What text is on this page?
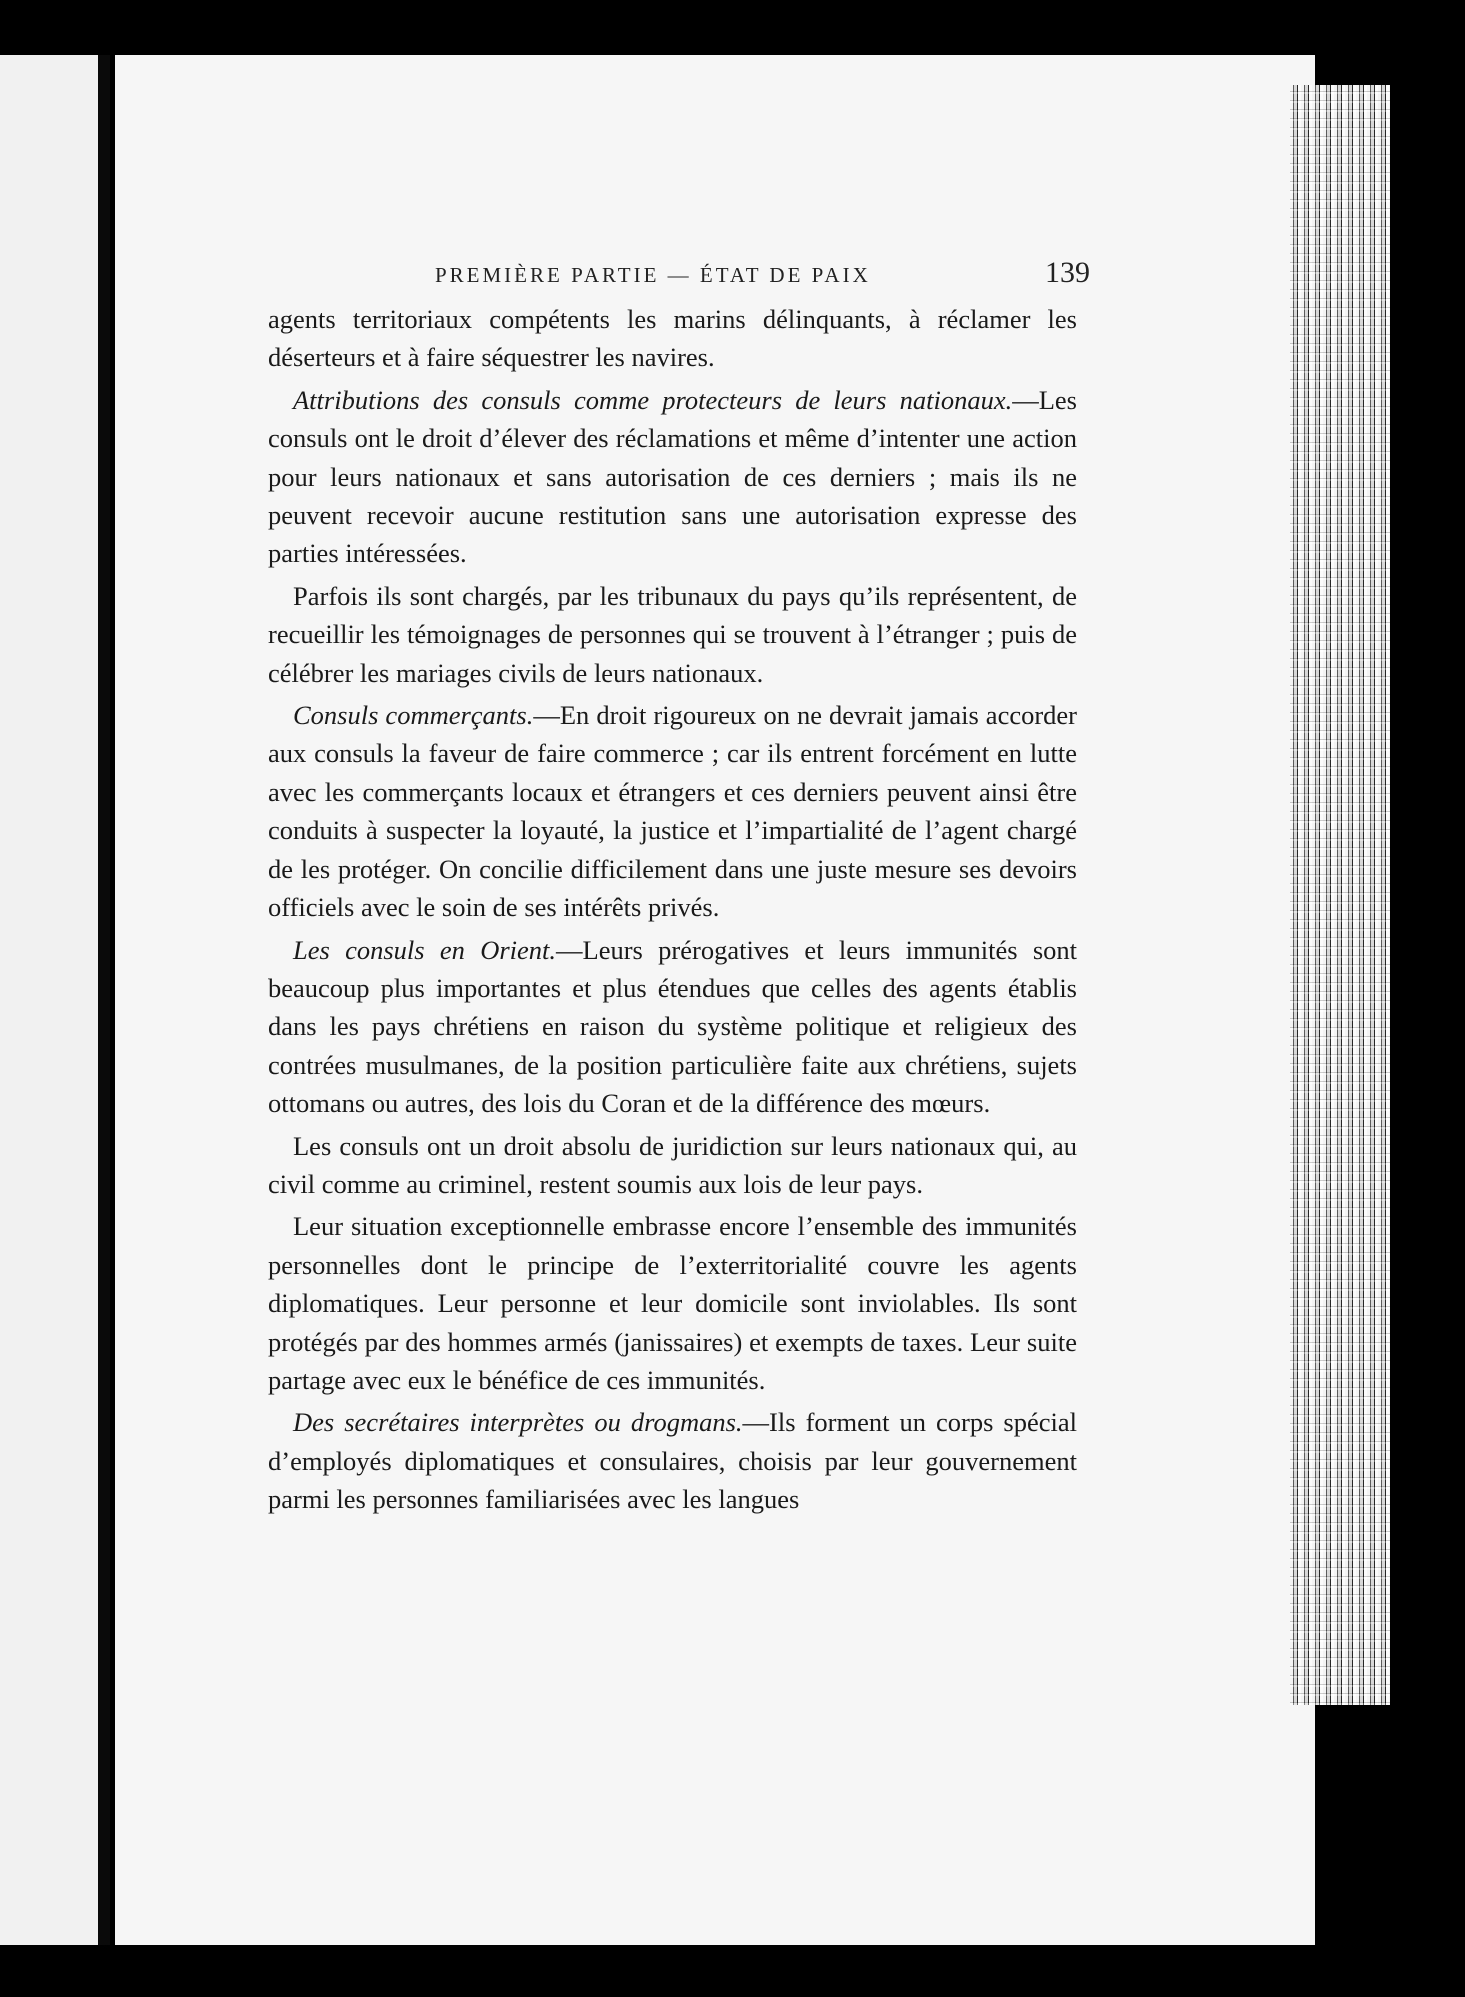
PREMIÈRE PARTIE — ÉTAT DE PAIX	139

agents territoriaux compétents les marins délinquants, à réclamer les déserteurs et à faire séquestrer les navires.

Attributions des consuls comme protecteurs de leurs nationaux.—Les consuls ont le droit d’élever des réclamations et même d’intenter une action pour leurs nationaux et sans autorisation de ces derniers ; mais ils ne peuvent recevoir aucune restitution sans une autorisation expresse des parties intéressées.

Parfois ils sont chargés, par les tribunaux du pays qu’ils représentent, de recueillir les témoignages de personnes qui se trouvent à l’étranger ; puis de célébrer les mariages civils de leurs nationaux.

Consuls commerçants.—En droit rigoureux on ne devrait jamais accorder aux consuls la faveur de faire commerce ; car ils entrent forcément en lutte avec les commerçants locaux et étrangers et ces derniers peuvent ainsi être conduits à suspecter la loyauté, la justice et l’impartialité de l’agent chargé de les protéger. On concilie difficilement dans une juste mesure ses devoirs officiels avec le soin de ses intérêts privés.

Les consuls en Orient.—Leurs prérogatives et leurs immunités sont beaucoup plus importantes et plus étendues que celles des agents établis dans les pays chrétiens en raison du système politique et religieux des contrées musulmanes, de la position particulière faite aux chrétiens, sujets ottomans ou autres, des lois du Coran et de la différence des mœurs.

Les consuls ont un droit absolu de juridiction sur leurs nationaux qui, au civil comme au criminel, restent soumis aux lois de leur pays.

Leur situation exceptionnelle embrasse encore l’ensemble des immunités personnelles dont le principe de l’exterritorialité couvre les agents diplomatiques. Leur personne et leur domicile sont inviolables. Ils sont protégés par des hommes armés (janissaires) et exempts de taxes. Leur suite partage avec eux le bénéfice de ces immunités.

Des secrétaires interprètes ou drogmans.—Ils forment un corps spécial d’employés diplomatiques et consulaires, choisis par leur gouvernement parmi les personnes familiarisées avec les langues
